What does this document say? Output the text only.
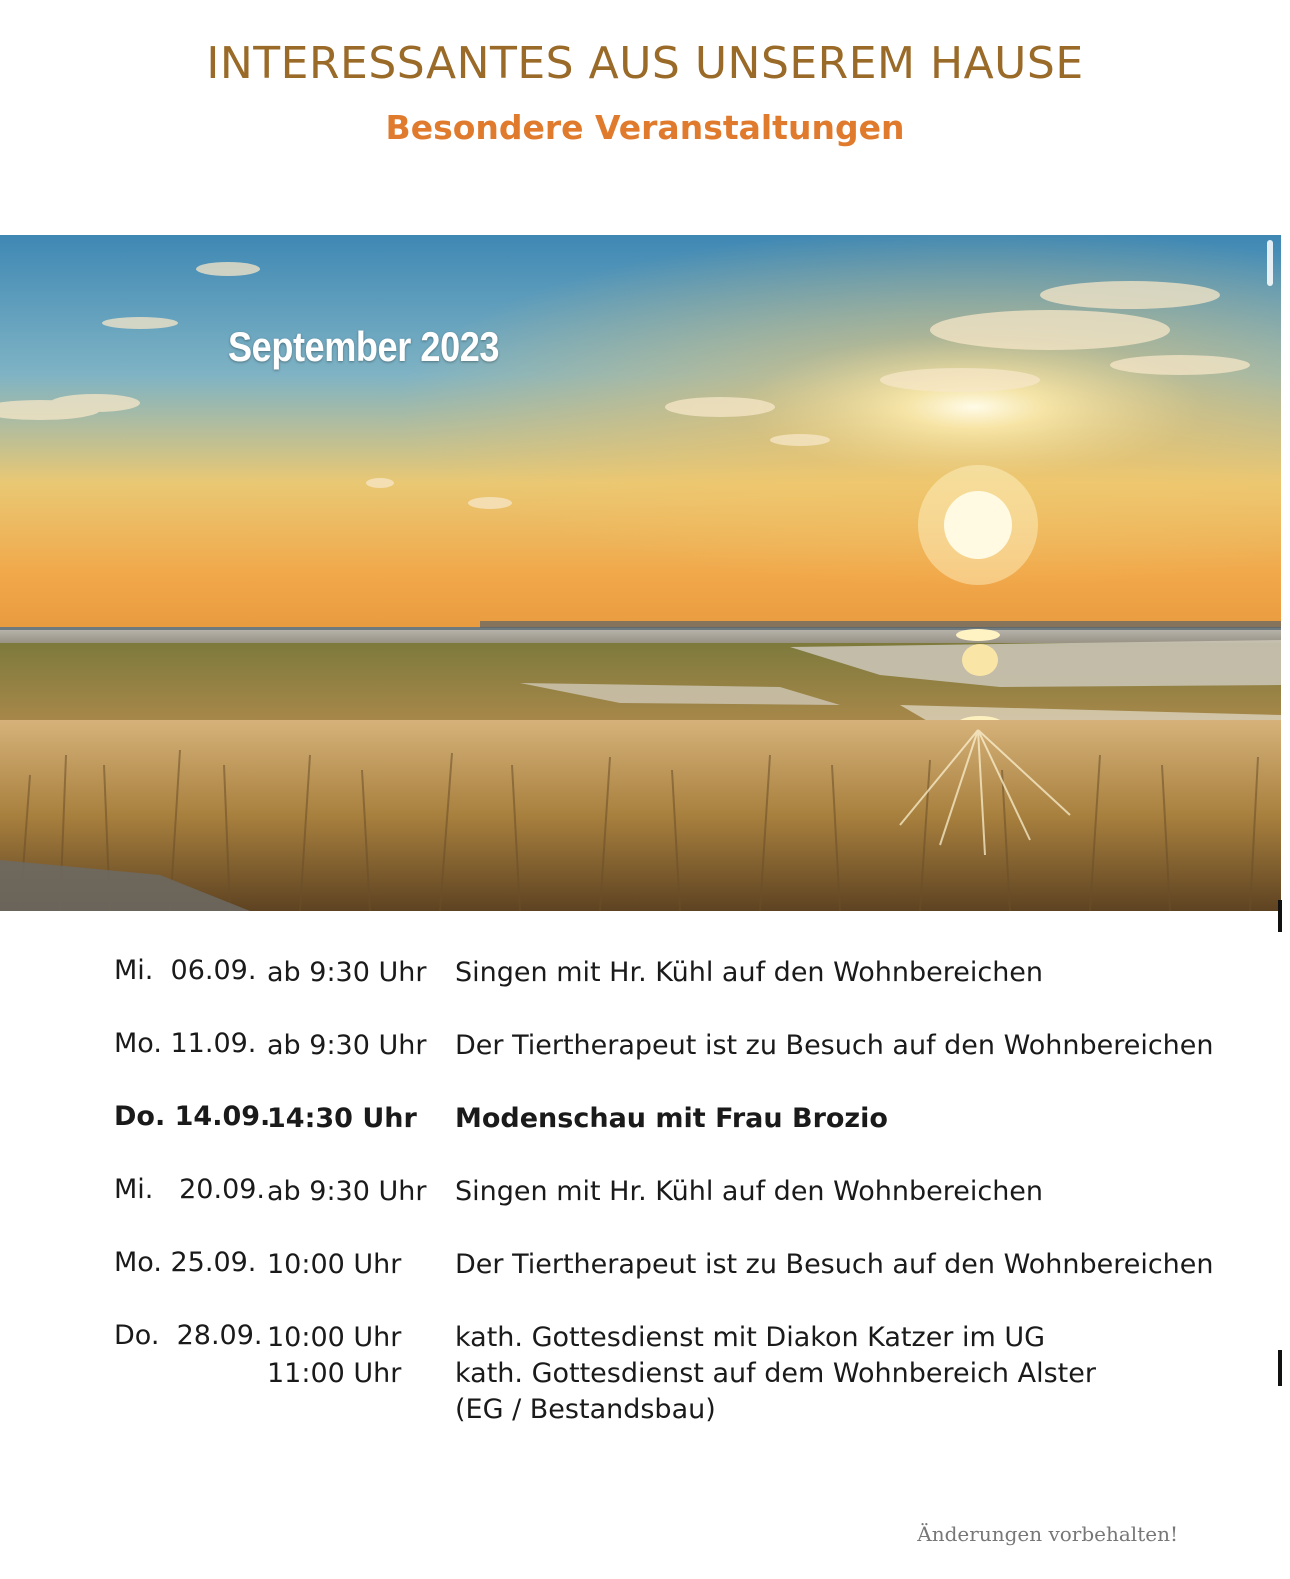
INTERESSANTES AUS UNSEREM HAUSE
Besondere Veranstaltungen
September 2023
Mi.  06.09. ab 9:30 Uhr Singen mit Hr. Kühl auf den Wohnbereichen
Mo. 11.09. ab 9:30 Uhr Der Tiertherapeut ist zu Besuch auf den Wohnbereichen
Do. 14.09.
14:30 Uhr Modenschau mit Frau Brozio
Mi.   20.09. ab 9:30 Uhr Singen mit Hr. Kühl auf den Wohnbereichen
Mo. 25.09. 10:00 Uhr Der Tiertherapeut ist zu Besuch auf den Wohnbereichen
Do.  28.09. 10:00 Uhr
11:00 Uhr
kath. Gottesdienst mit Diakon Katzer im UG
kath. Gottesdienst auf dem Wohnbereich Alster
(EG / Bestandsbau)
Änderungen vorbehalten!
